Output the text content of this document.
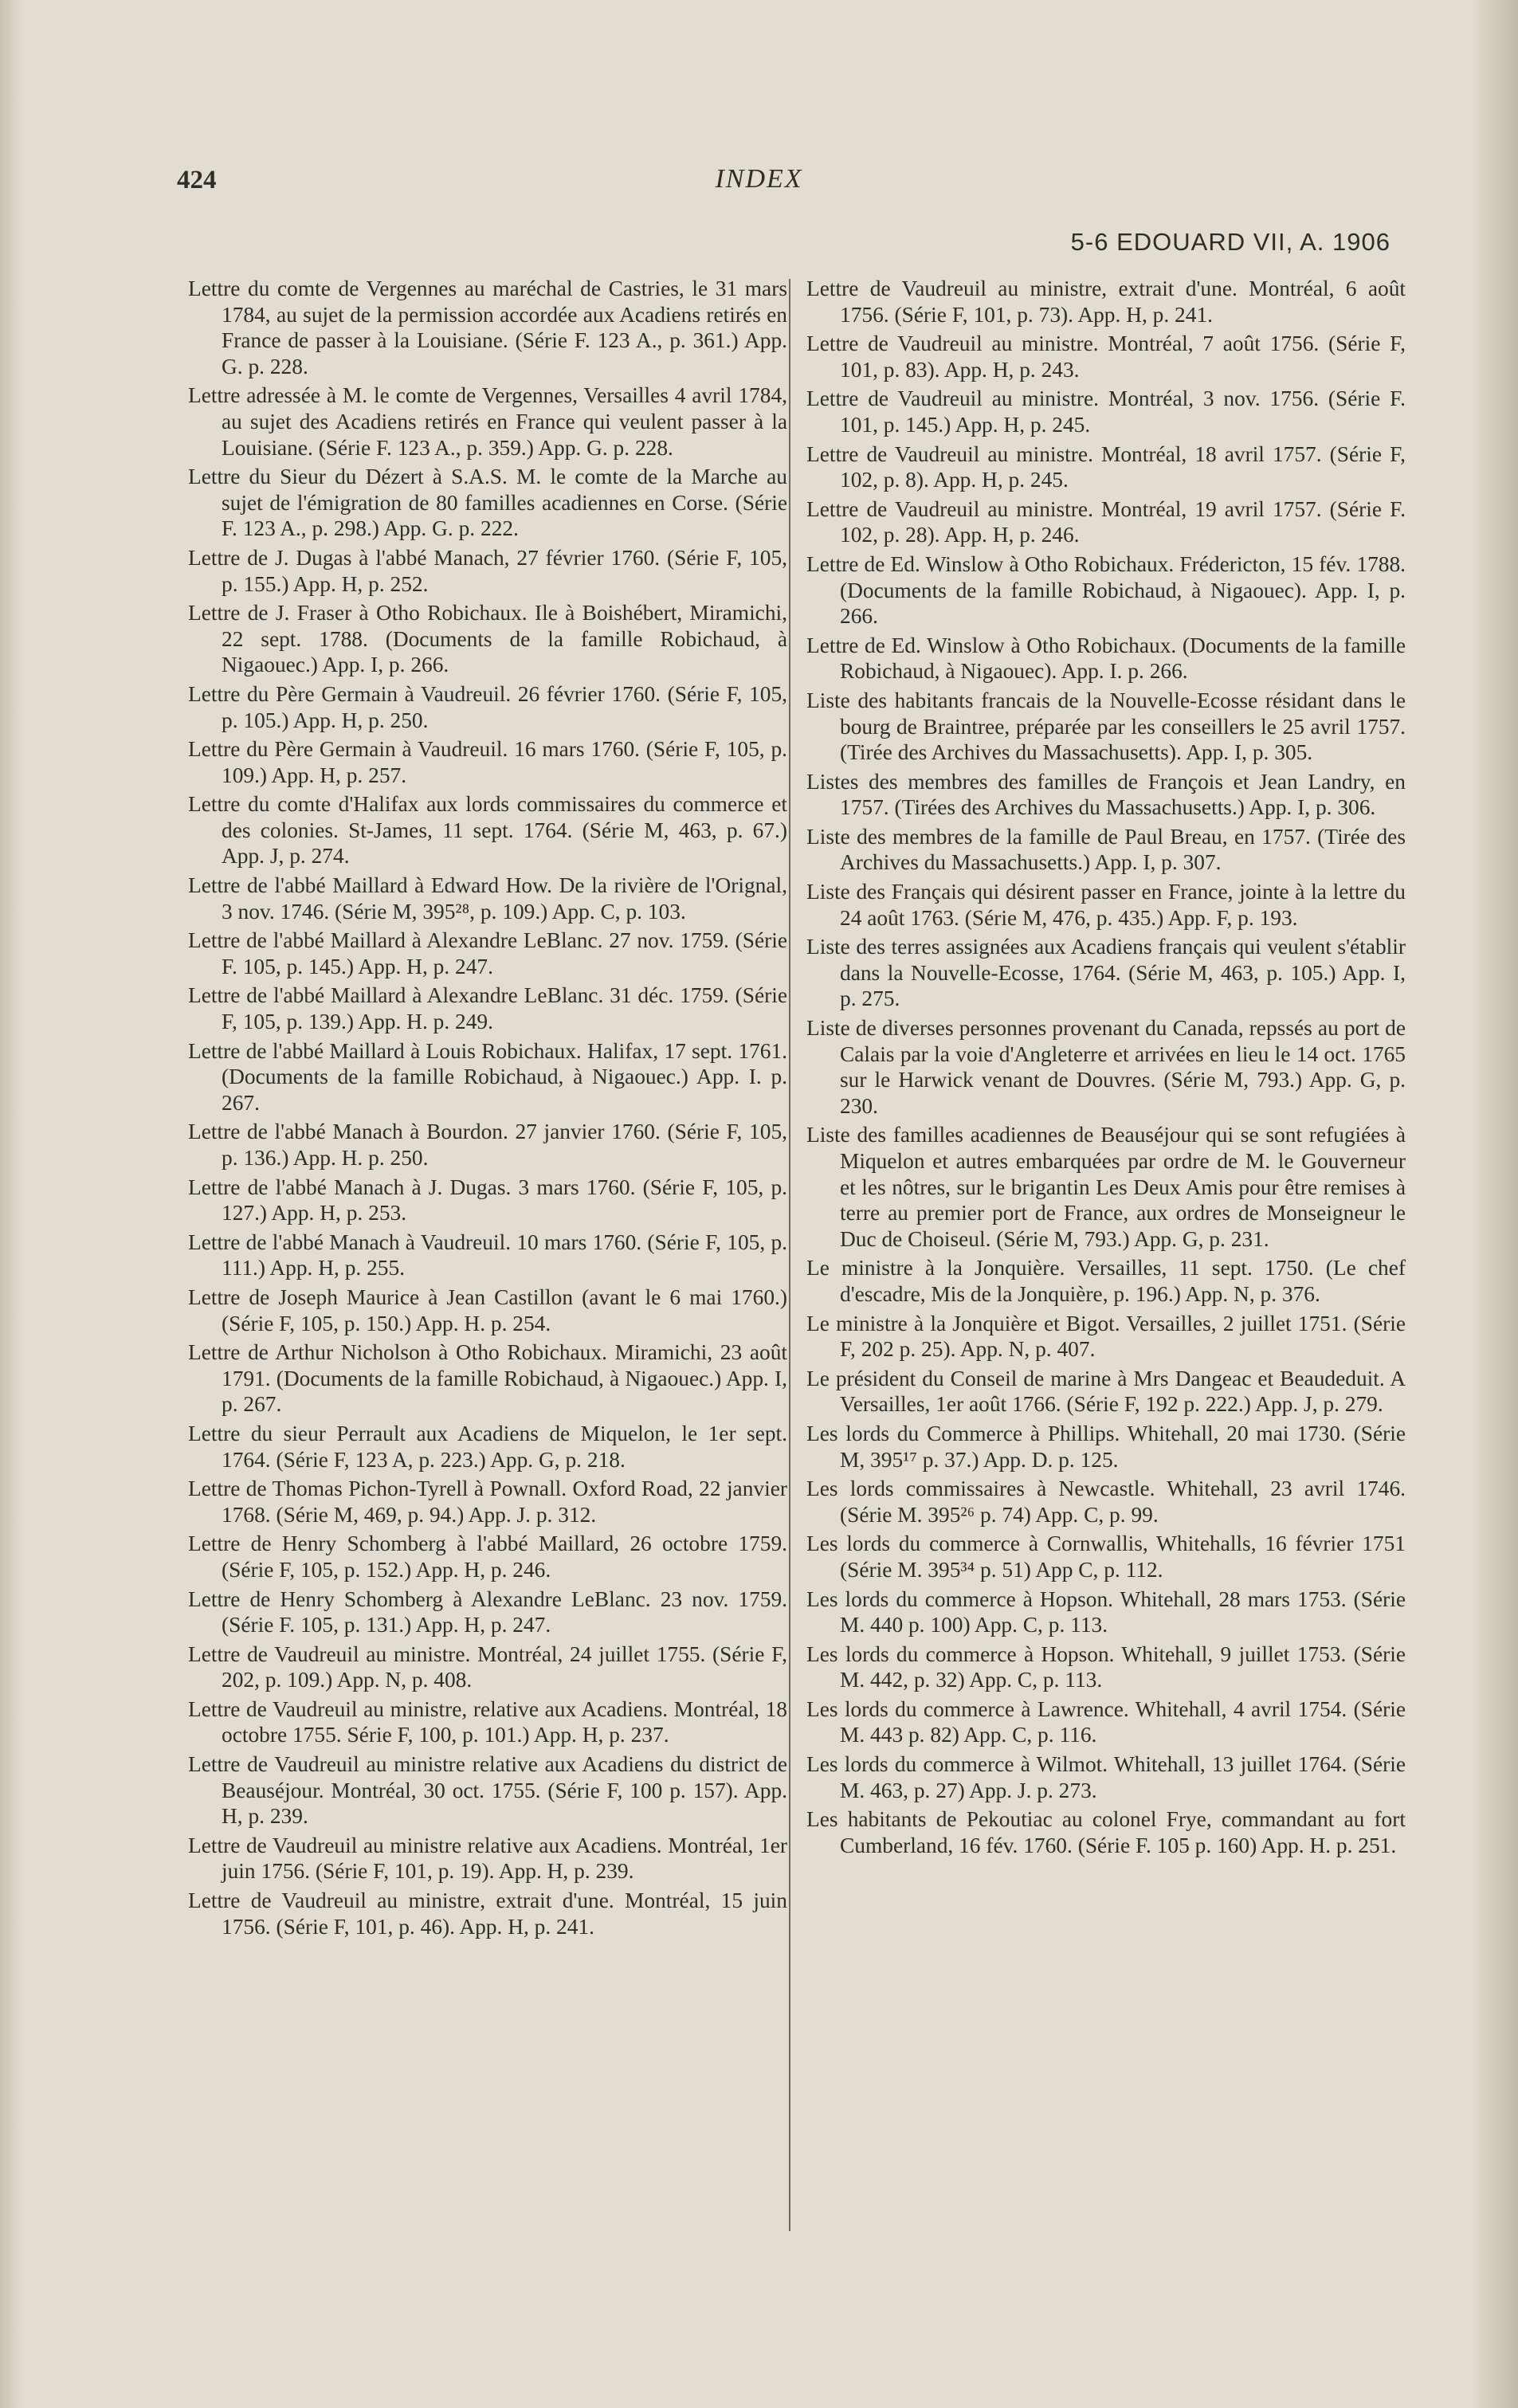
424	INDEX
5-6 EDOUARD VII, A. 1906

Lettre du comte de Vergennes au maréchal de Castries, le 31 mars 1784, au sujet de la permission accordée aux Acadiens retirés en France de passer à la Louisiane. (Série F. 123 A., p. 361.) App. G. p. 228.

Lettre adressée à M. le comte de Vergennes, Versailles 4 avril 1784, au sujet des Acadiens retirés en France qui veulent passer à la Louisiane. (Série F. 123 A., p. 359.) App. G. p. 228.

Lettre du Sieur du Dézert à S.A.S. M. le comte de la Marche au sujet de l'émigration de 80 familles acadiennes en Corse. (Série F. 123 A., p. 298.) App. G. p. 222.

Lettre de J. Dugas à l'abbé Manach, 27 février 1760. (Série F, 105, p. 155.) App. H, p. 252.

Lettre de J. Fraser à Otho Robichaux. Ile à Boishébert, Miramichi, 22 sept. 1788. (Documents de la famille Robichaud, à Nigaouec.) App. I, p. 266.

Lettre du Père Germain à Vaudreuil. 26 février 1760. (Série F, 105, p. 105.) App. H, p. 250.

Lettre du Père Germain à Vaudreuil. 16 mars 1760. (Série F, 105, p. 109.) App. H, p. 257.

Lettre du comte d'Halifax aux lords commissaires du commerce et des colonies. St-James, 11 sept. 1764. (Série M, 463, p. 67.) App. J, p. 274.

Lettre de l'abbé Maillard à Edward How. De la rivière de l'Orignal, 3 nov. 1746. (Série M, 395²⁸, p. 109.) App. C, p. 103.

Lettre de l'abbé Maillard à Alexandre LeBlanc. 27 nov. 1759. (Série F. 105, p. 145.) App. H, p. 247.

Lettre de l'abbé Maillard à Alexandre LeBlanc. 31 déc. 1759. (Série F, 105, p. 139.) App. H. p. 249.

Lettre de l'abbé Maillard à Louis Robichaux. Halifax, 17 sept. 1761. (Documents de la famille Robichaud, à Nigaouec.) App. I. p. 267.

Lettre de l'abbé Manach à Bourdon. 27 janvier 1760. (Série F, 105, p. 136.) App. H. p. 250.

Lettre de l'abbé Manach à J. Dugas. 3 mars 1760. (Série F, 105, p. 127.) App. H, p. 253.

Lettre de l'abbé Manach à Vaudreuil. 10 mars 1760. (Série F, 105, p. 111.) App. H, p. 255.

Lettre de Joseph Maurice à Jean Castillon (avant le 6 mai 1760.) (Série F, 105, p. 150.) App. H. p. 254.

Lettre de Arthur Nicholson à Otho Robichaux. Miramichi, 23 août 1791. (Documents de la famille Robichaud, à Nigaouec.) App. I, p. 267.

Lettre du sieur Perrault aux Acadiens de Miquelon, le 1er sept. 1764. (Série F, 123 A, p. 223.) App. G, p. 218.

Lettre de Thomas Pichon-Tyrell à Pownall. Oxford Road, 22 janvier 1768. (Série M, 469, p. 94.) App. J. p. 312.

Lettre de Henry Schomberg à l'abbé Maillard, 26 octobre 1759. (Série F, 105, p. 152.) App. H, p. 246.

Lettre de Henry Schomberg à Alexandre LeBlanc. 23 nov. 1759. (Série F. 105, p. 131.) App. H, p. 247.

Lettre de Vaudreuil au ministre. Montréal, 24 juillet 1755. (Série F, 202, p. 109.) App. N, p. 408.

Lettre de Vaudreuil au ministre, relative aux Acadiens. Montréal, 18 octobre 1755. Série F, 100, p. 101.) App. H, p. 237.

Lettre de Vaudreuil au ministre relative aux Acadiens du district de Beauséjour. Montréal, 30 oct. 1755. (Série F, 100 p. 157). App. H, p. 239.

Lettre de Vaudreuil au ministre relative aux Acadiens. Montréal, 1er juin 1756. (Série F, 101, p. 19). App. H, p. 239.

Lettre de Vaudreuil au ministre, extrait d'une. Montréal, 15 juin 1756. (Série F, 101, p. 46). App. H, p. 241.

Lettre de Vaudreuil au ministre, extrait d'une. Montréal, 6 août 1756. (Série F, 101, p. 73). App. H, p. 241.

Lettre de Vaudreuil au ministre. Montréal, 7 août 1756. (Série F, 101, p. 83). App. H, p. 243.

Lettre de Vaudreuil au ministre. Montréal, 3 nov. 1756. (Série F. 101, p. 145.) App. H, p. 245.

Lettre de Vaudreuil au ministre. Montréal, 18 avril 1757. (Série F, 102, p. 8). App. H, p. 245.

Lettre de Vaudreuil au ministre. Montréal, 19 avril 1757. (Série F. 102, p. 28). App. H, p. 246.

Lettre de Ed. Winslow à Otho Robichaux. Frédericton, 15 fév. 1788. (Documents de la famille Robichaud, à Nigaouec). App. I, p. 266.

Lettre de Ed. Winslow à Otho Robichaux. (Documents de la famille Robichaud, à Nigaouec). App. I. p. 266.

Liste des habitants francais de la Nouvelle-Ecosse résidant dans le bourg de Braintree, préparée par les conseillers le 25 avril 1757. (Tirée des Archives du Massachusetts). App. I, p. 305.

Listes des membres des familles de François et Jean Landry, en 1757. (Tirées des Archives du Massachusetts.) App. I, p. 306.

Liste des membres de la famille de Paul Breau, en 1757. (Tirée des Archives du Massachusetts.) App. I, p. 307.

Liste des Français qui désirent passer en France, jointe à la lettre du 24 août 1763. (Série M, 476, p. 435.) App. F, p. 193.

Liste des terres assignées aux Acadiens français qui veulent s'établir dans la Nouvelle-Ecosse, 1764. (Série M, 463, p. 105.) App. I, p. 275.

Liste de diverses personnes provenant du Canada, repssés au port de Calais par la voie d'Angleterre et arrivées en lieu le 14 oct. 1765 sur le Harwick venant de Douvres. (Série M, 793.) App. G, p. 230.

Liste des familles acadiennes de Beauséjour qui se sont refugiées à Miquelon et autres embarquées par ordre de M. le Gouverneur et les nôtres, sur le brigantin Les Deux Amis pour être remises à terre au premier port de France, aux ordres de Monseigneur le Duc de Choiseul. (Série M, 793.) App. G, p. 231.

Le ministre à la Jonquière. Versailles, 11 sept. 1750. (Le chef d'escadre, Mis de la Jonquière, p. 196.) App. N, p. 376.

Le ministre à la Jonquière et Bigot. Versailles, 2 juillet 1751. (Série F, 202 p. 25). App. N, p. 407.

Le président du Conseil de marine à Mrs Dangeac et Beaudeduit. A Versailles, 1er août 1766. (Série F, 192 p. 222.) App. J, p. 279.

Les lords du Commerce à Phillips. Whitehall, 20 mai 1730. (Série M, 395¹⁷ p. 37.) App. D. p. 125.

Les lords commissaires à Newcastle. Whitehall, 23 avril 1746. (Série M. 395²⁶ p. 74) App. C, p. 99.

Les lords du commerce à Cornwallis, Whitehalls, 16 février 1751 (Série M. 395³⁴ p. 51) App C, p. 112.

Les lords du commerce à Hopson. Whitehall, 28 mars 1753. (Série M. 440 p. 100) App. C, p. 113.

Les lords du commerce à Hopson. Whitehall, 9 juillet 1753. (Série M. 442, p. 32) App. C, p. 113.

Les lords du commerce à Lawrence. Whitehall, 4 avril 1754. (Série M. 443 p. 82) App. C, p. 116.

Les lords du commerce à Wilmot. Whitehall, 13 juillet 1764. (Série M. 463, p. 27) App. J. p. 273.

Les habitants de Pekoutiac au colonel Frye, commandant au fort Cumberland, 16 fév. 1760. (Série F. 105 p. 160) App. H. p. 251.
